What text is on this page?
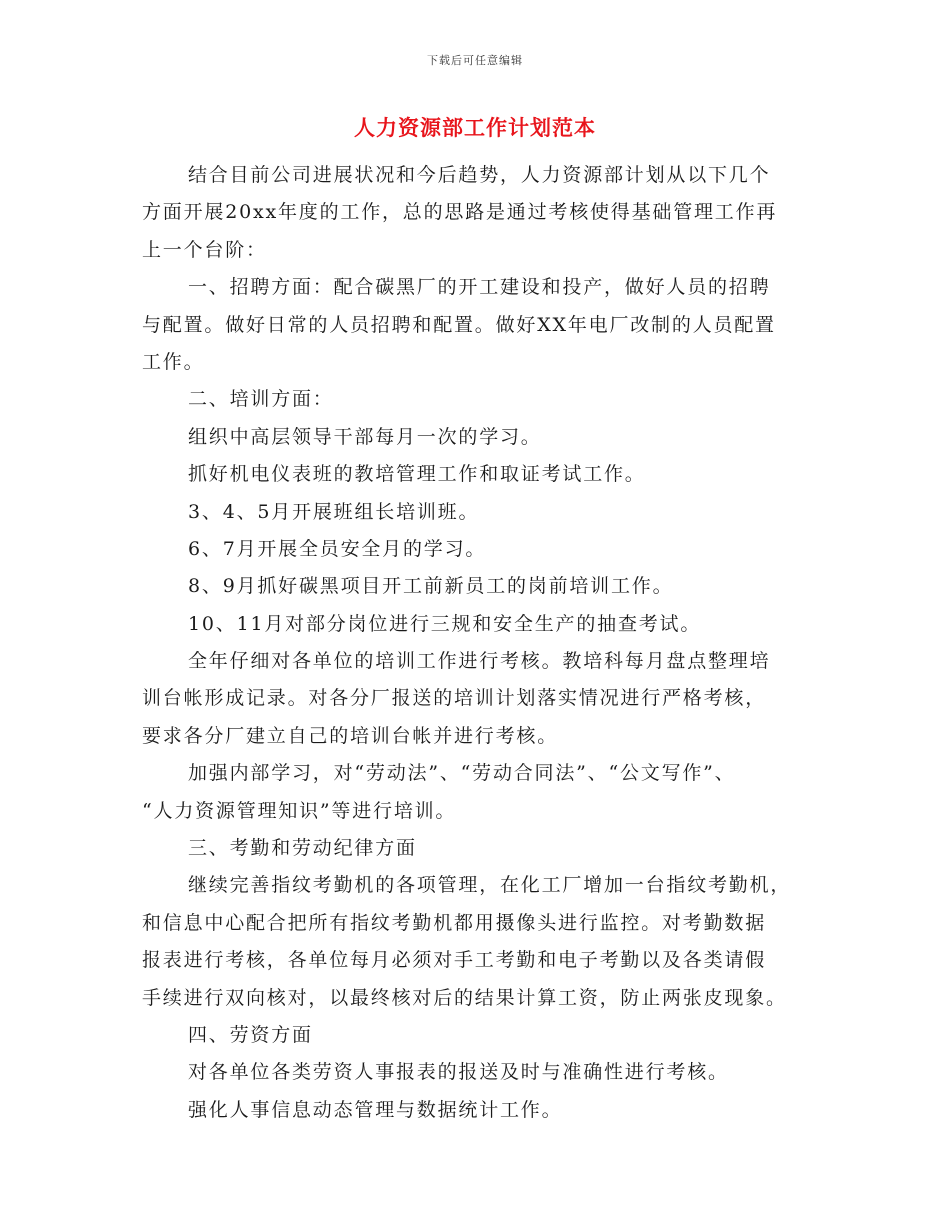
下载后可任意编辑
人力资源部工作计划范本
结合目前公司进展状况和今后趋势，人力资源部计划从以下几个
方面开展20xx年度的工作，总的思路是通过考核使得基础管理工作再
上一个台阶：
一、招聘方面：配合碳黑厂的开工建设和投产，做好人员的招聘
与配置。做好日常的人员招聘和配置。做好XX年电厂改制的人员配置
工作。
二、培训方面：
组织中高层领导干部每月一次的学习。
抓好机电仪表班的教培管理工作和取证考试工作。
3、4、5月开展班组长培训班。
6、7月开展全员安全月的学习。
8、9月抓好碳黑项目开工前新员工的岗前培训工作。
10、11月对部分岗位进行三规和安全生产的抽查考试。
全年仔细对各单位的培训工作进行考核。教培科每月盘点整理培
训台帐形成记录。对各分厂报送的培训计划落实情况进行严格考核，
要求各分厂建立自己的培训台帐并进行考核。
加强内部学习，对“劳动法”、“劳动合同法”、“公文写作”、
“人力资源管理知识”等进行培训。
三、考勤和劳动纪律方面
继续完善指纹考勤机的各项管理，在化工厂增加一台指纹考勤机，
和信息中心配合把所有指纹考勤机都用摄像头进行监控。对考勤数据
报表进行考核，各单位每月必须对手工考勤和电子考勤以及各类请假
手续进行双向核对，以最终核对后的结果计算工资，防止两张皮现象。
四、劳资方面
对各单位各类劳资人事报表的报送及时与准确性进行考核。
强化人事信息动态管理与数据统计工作。
